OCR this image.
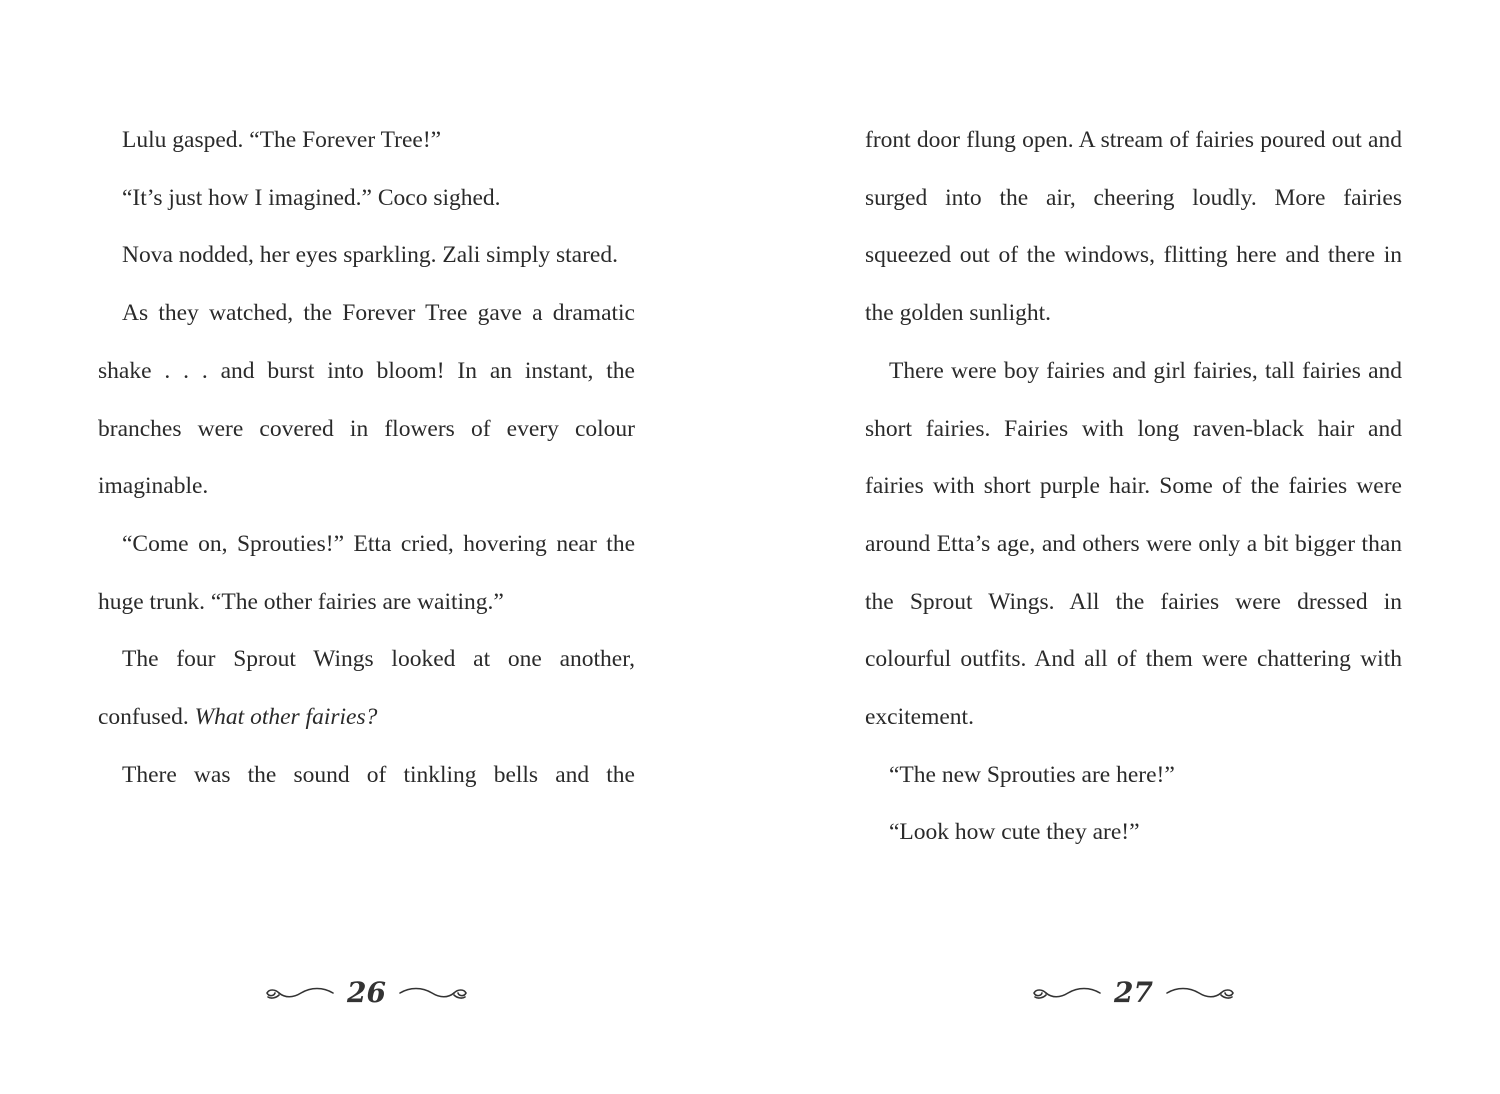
Lulu gasped. “The Forever Tree!”

“It’s just how I imagined.” Coco sighed.

Nova nodded, her eyes sparkling. Zali simply stared.

As they watched, the Forever Tree gave a dramatic shake . . . and burst into bloom! In an instant, the branches were covered in flowers of every colour imaginable.

“Come on, Sprouties!” Etta cried, hovering near the huge trunk. “The other fairies are waiting.”

The four Sprout Wings looked at one another, confused. What other fairies?

There was the sound of tinkling bells and the

26

front door flung open. A stream of fairies poured out and surged into the air, cheering loudly. More fairies squeezed out of the windows, flitting here and there in the golden sunlight.

There were boy fairies and girl fairies, tall fairies and short fairies. Fairies with long raven-black hair and fairies with short purple hair. Some of the fairies were around Etta’s age, and others were only a bit bigger than the Sprout Wings. All the fairies were dressed in colourful outfits. And all of them were chattering with excitement.

“The new Sprouties are here!”

“Look how cute they are!”

27
